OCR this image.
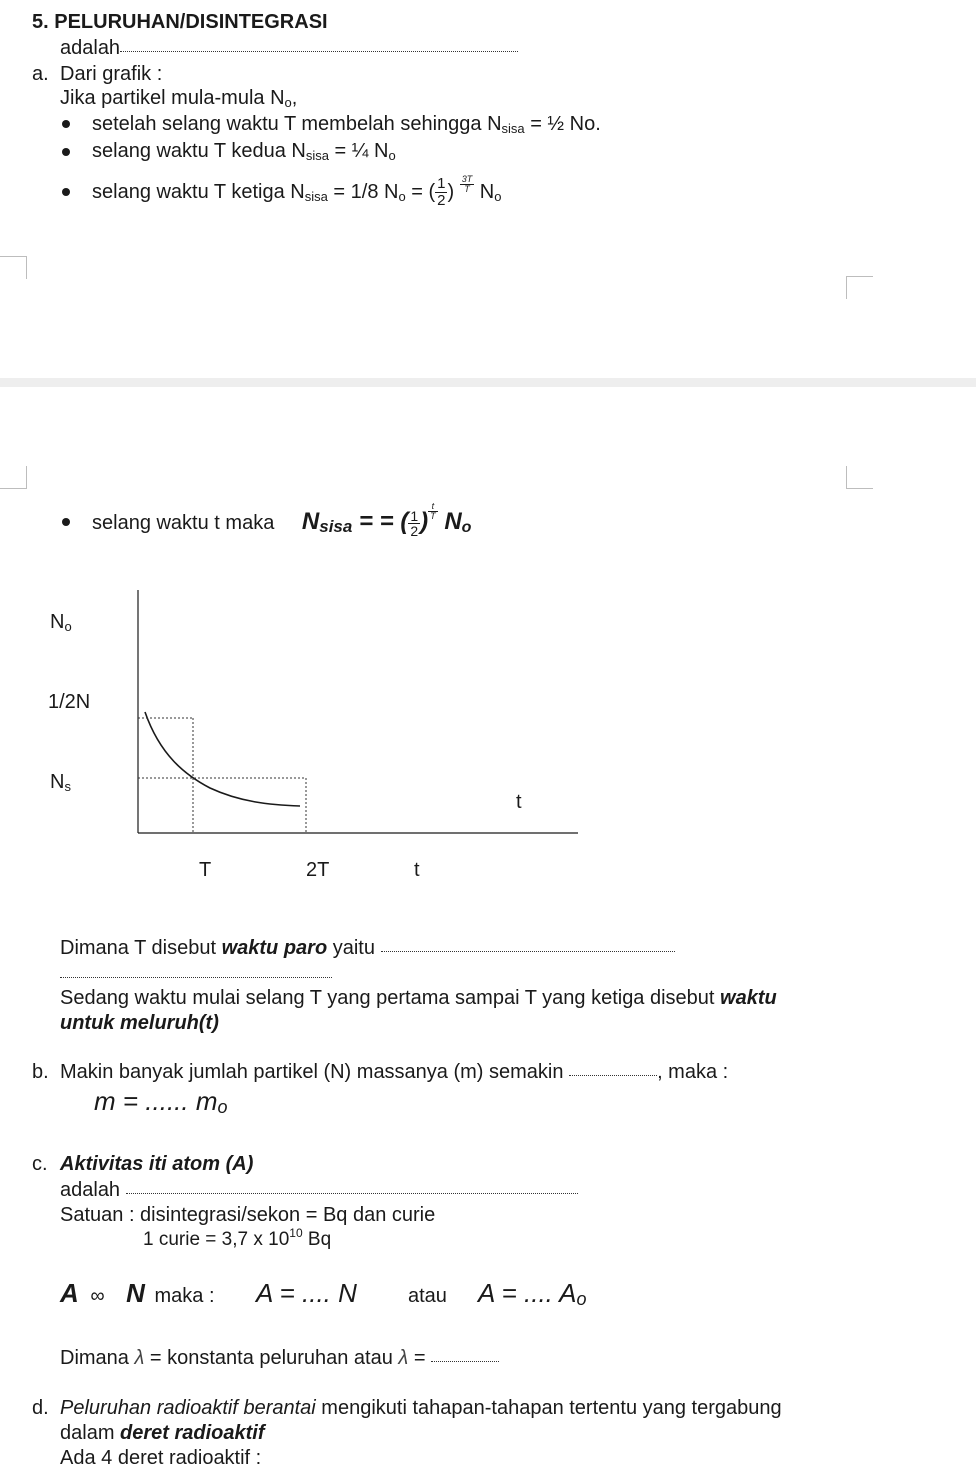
5. PELURUHAN/DISINTEGRASI
adalah
a. Dari grafik :
Jika partikel mula-mula $N_o$,
setelah selang waktu T membelah sehingga $N_{sisa}$ = ½ No.
selang waktu T kedua $N_{sisa}$ = ¼ $N_o$
selang waktu T ketiga $N_{sisa} = 1/8$ $N_o$ = ( $\frac{1}{2}$ ) $\frac{3T}{T} N_o$
selang waktu t maka $N_{sisa}$ = = ( $\frac{1}{2}$ ) $\frac{t}{T} N_o$
$N_o$
1/2N
$N_s$
t
T	2T	t
Dimana T disebut waktu paro yaitu
Sedang waktu mulai selang T yang pertama sampai T yang ketiga disebut waktu
untuk meluruh(t)
b. Makin banyak jumlah partikel (N) massanya (m) semakin	, maka :
m = ...... $m_o$
c. Aktivitas iti atom (A)
adalah
Satuan : disintegrasi/sekon = Bq dan curie
1 curie = 3,7 x $10^{10}$ Bq
A ∞ N maka : A = .... N	atau A = .... $A_o$
Dimana λ = konstanta peluruhan atau λ =
d. Peluruhan radioaktif berantai mengikuti tahapan-tahapan tertentu yang tergabung
dalam deret radioaktif
Ada 4 deret radioaktif :
